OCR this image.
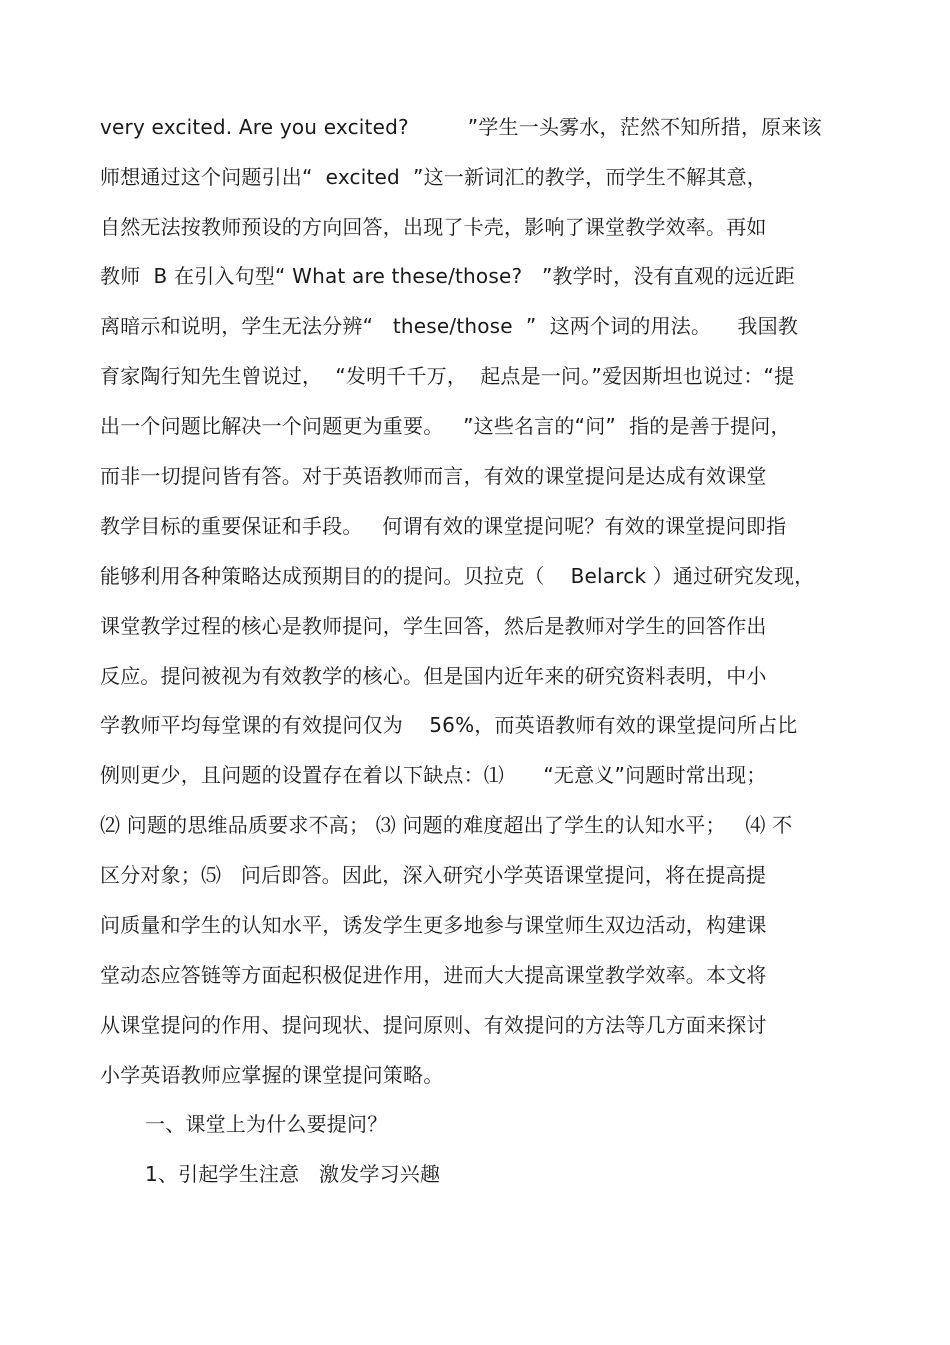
very excited. Are you excited?         ”学生一头雾水，茫然不知所措，原来该
师想通过这个问题引出“  excited  ”这一新词汇的教学，而学生不解其意，
自然无法按教师预设的方向回答，出现了卡壳，影响了课堂教学效率。再如
教师  B 在引入句型“ What are these/those?   ”教学时，没有直观的远近距
离暗示和说明，学生无法分辨“   these/those  ”  这两个词的用法。    我国教
育家陶行知先生曾说过，  “发明千千万，  起点是一问。”爱因斯坦也说过：“提
出一个问题比解决一个问题更为重要。   ”这些名言的“问”  指的是善于提问，
而非一切提问皆有答。对于英语教师而言，有效的课堂提问是达成有效课堂
教学目标的重要保证和手段。   何谓有效的课堂提问呢？有效的课堂提问即指
能够利用各种策略达成预期目的的提问。贝拉克（    Belarck ）通过研究发现，
课堂教学过程的核心是教师提问，学生回答，然后是教师对学生的回答作出
反应。提问被视为有效教学的核心。但是国内近年来的研究资料表明，中小
学教师平均每堂课的有效提问仅为    56%，而英语教师有效的课堂提问所占比
例则更少，且问题的设置存在着以下缺点：⑴      “无意义”问题时常出现；
⑵ 问题的思维品质要求不高； ⑶ 问题的难度超出了学生的认知水平；   ⑷ 不
区分对象；⑸   问后即答。因此，深入研究小学英语课堂提问，将在提高提
问质量和学生的认知水平，诱发学生更多地参与课堂师生双边活动，构建课
堂动态应答链等方面起积极促进作用，进而大大提高课堂教学效率。本文将
从课堂提问的作用、提问现状、提问原则、有效提问的方法等几方面来探讨
小学英语教师应掌握的课堂提问策略。
一、课堂上为什么要提问？
1、引起学生注意   激发学习兴趣
